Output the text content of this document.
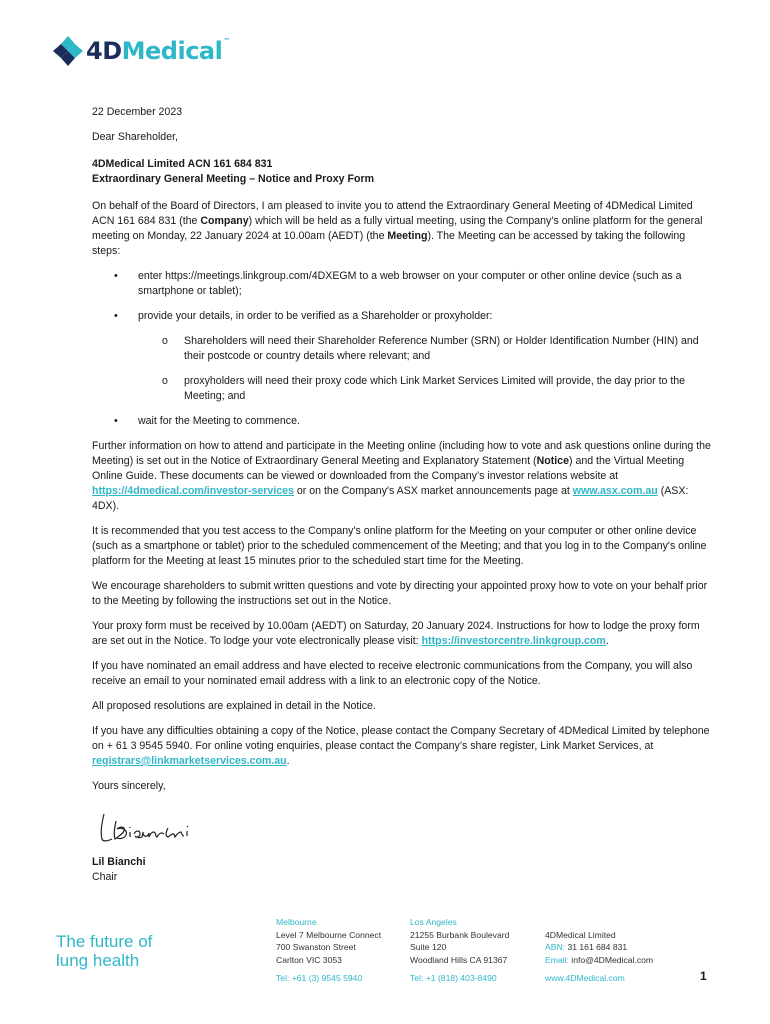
4DMedical™

22 December 2023

Dear Shareholder,

4DMedical Limited ACN 161 684 831
Extraordinary General Meeting – Notice and Proxy Form

On behalf of the Board of Directors, I am pleased to invite you to attend the Extraordinary General Meeting of 4DMedical Limited ACN 161 684 831 (the Company) which will be held as a fully virtual meeting, using the Company’s online platform for the general meeting on Monday, 22 January 2024 at 10.00am (AEDT) (the Meeting). The Meeting can be accessed by taking the following steps:

• enter https://meetings.linkgroup.com/4DXEGM to a web browser on your computer or other online device (such as a smartphone or tablet);
• provide your details, in order to be verified as a Shareholder or proxyholder:
o Shareholders will need their Shareholder Reference Number (SRN) or Holder Identification Number (HIN) and their postcode or country details where relevant; and
o proxyholders will need their proxy code which Link Market Services Limited will provide, the day prior to the Meeting; and
• wait for the Meeting to commence.

Further information on how to attend and participate in the Meeting online (including how to vote and ask questions online during the Meeting) is set out in the Notice of Extraordinary General Meeting and Explanatory Statement (Notice) and the Virtual Meeting Online Guide. These documents can be viewed or downloaded from the Company’s investor relations website at https://4dmedical.com/investor-services or on the Company's ASX market announcements page at www.asx.com.au (ASX: 4DX).

It is recommended that you test access to the Company's online platform for the Meeting on your computer or other online device (such as a smartphone or tablet) prior to the scheduled commencement of the Meeting; and that you log in to the Company's online platform for the Meeting at least 15 minutes prior to the scheduled start time for the Meeting.

We encourage shareholders to submit written questions and vote by directing your appointed proxy how to vote on your behalf prior to the Meeting by following the instructions set out in the Notice.

Your proxy form must be received by 10.00am (AEDT) on Saturday, 20 January 2024. Instructions for how to lodge the proxy form are set out in the Notice. To lodge your vote electronically please visit: https://investorcentre.linkgroup.com.

If you have nominated an email address and have elected to receive electronic communications from the Company, you will also receive an email to your nominated email address with a link to an electronic copy of the Notice.

All proposed resolutions are explained in detail in the Notice.

If you have any difficulties obtaining a copy of the Notice, please contact the Company Secretary of 4DMedical Limited by telephone on + 61 3 9545 5940. For online voting enquiries, please contact the Company’s share register, Link Market Services, at registrars@linkmarketservices.com.au.

Yours sincerely,

Lil Bianchi
Chair
The future of
lung health
Melbourne
Level 7 Melbourne Connect
700 Swanston Street
Carlton VIC 3053
Tel: +61 (3) 9545 5940
Los Angeles
21255 Burbank Boulevard
Suite 120
Woodland Hills CA 91367
Tel: +1 (818) 403-8490
4DMedical Limited
ABN: 31 161 684 831
Email: info@4DMedical.com
www.4DMedical.com	1
